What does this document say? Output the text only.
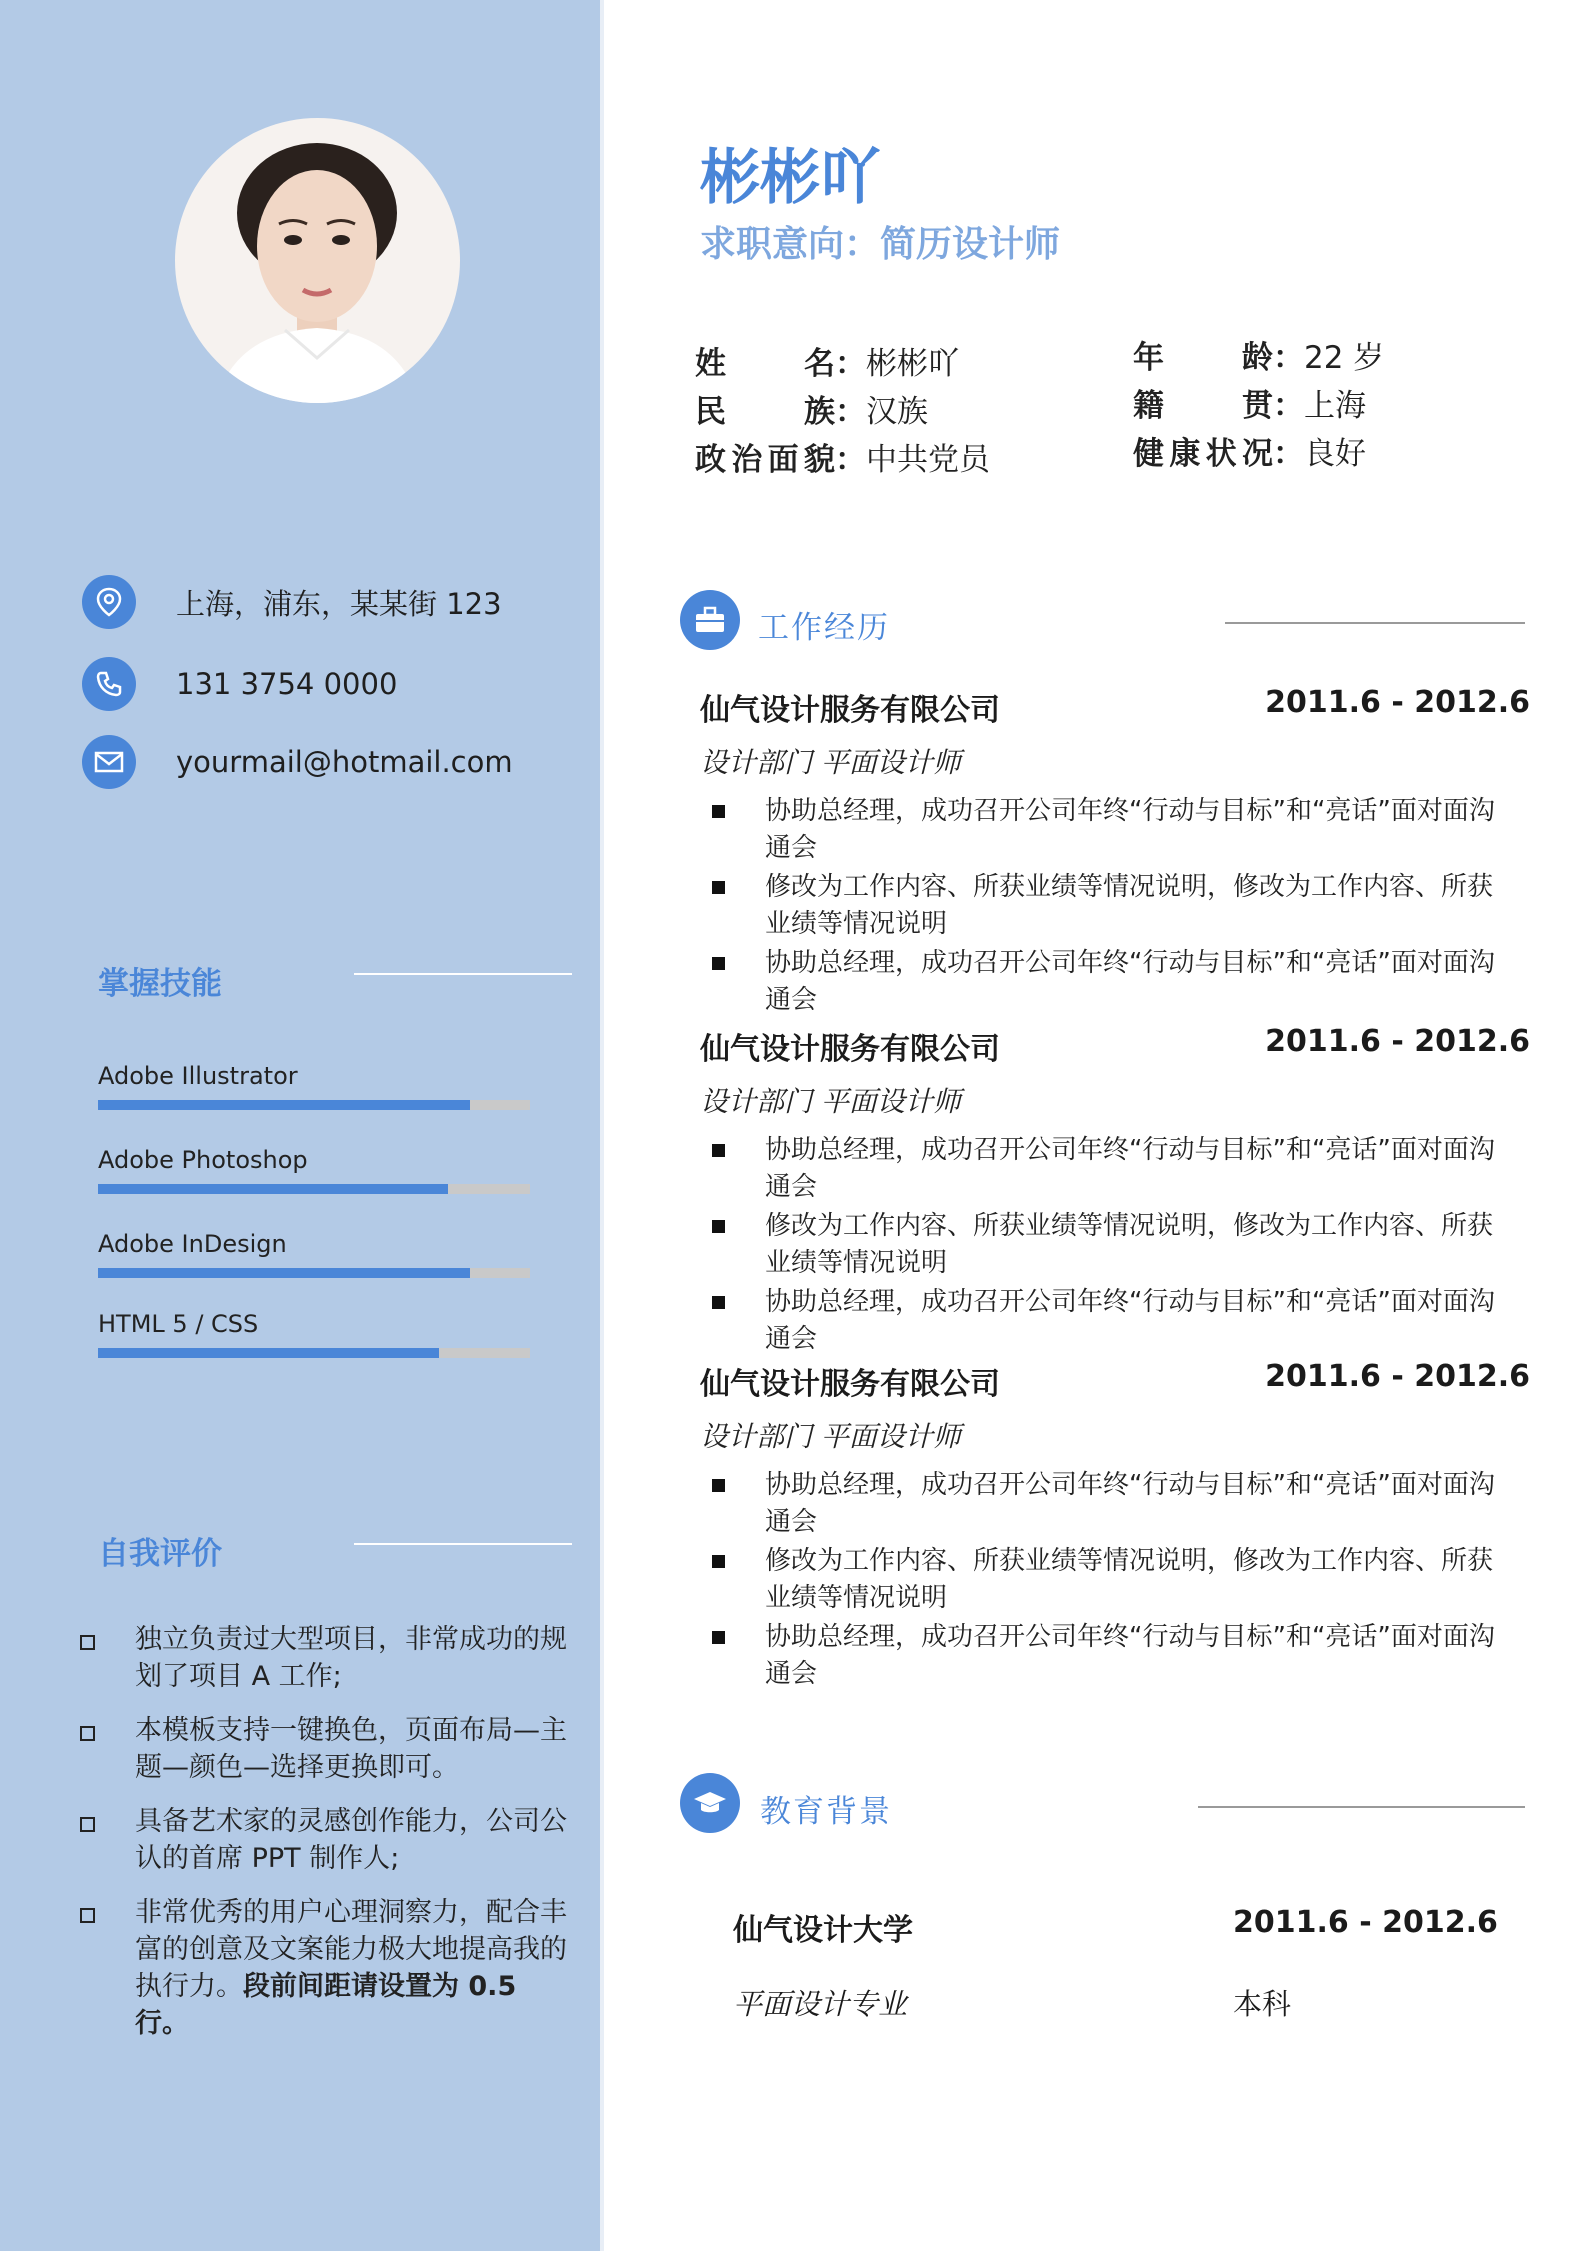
上海，浦东，某某街 123
131 3754 0000
yourmail@hotmail.com
掌握技能
Adobe Illustrator
Adobe Photoshop
Adobe InDesign
HTML 5 / CSS
自我评价
独立负责过大型项目，非常成功的规划了项目 A 工作;
本模板支持一键换色，页面布局—主题—颜色—选择更换即可。
具备艺术家的灵感创作能力，公司公认的首席 PPT 制作人;
非常优秀的用户心理洞察力，配合丰富的创意及文案能力极大地提高我的执行力。段前间距请设置为 0.5 行。
彬彬吖
求职意向：简历设计师
姓名：彬彬吖	年龄：22 岁
民族：汉族	籍贯：上海
政治面貌：中共党员	健康状况：良好
工作经历
仙气设计服务有限公司	2011.6 - 2012.6
设计部门 平面设计师
协助总经理，成功召开公司年终“行动与目标”和“亮话”面对面沟通会
修改为工作内容、所获业绩等情况说明，修改为工作内容、所获业绩等情况说明
协助总经理，成功召开公司年终“行动与目标”和“亮话”面对面沟通会
仙气设计服务有限公司	2011.6 - 2012.6
设计部门 平面设计师
协助总经理，成功召开公司年终“行动与目标”和“亮话”面对面沟通会
修改为工作内容、所获业绩等情况说明，修改为工作内容、所获业绩等情况说明
协助总经理，成功召开公司年终“行动与目标”和“亮话”面对面沟通会
仙气设计服务有限公司	2011.6 - 2012.6
设计部门 平面设计师
协助总经理，成功召开公司年终“行动与目标”和“亮话”面对面沟通会
修改为工作内容、所获业绩等情况说明，修改为工作内容、所获业绩等情况说明
协助总经理，成功召开公司年终“行动与目标”和“亮话”面对面沟通会
教育背景
仙气设计大学	2011.6 - 2012.6
平面设计专业	本科
